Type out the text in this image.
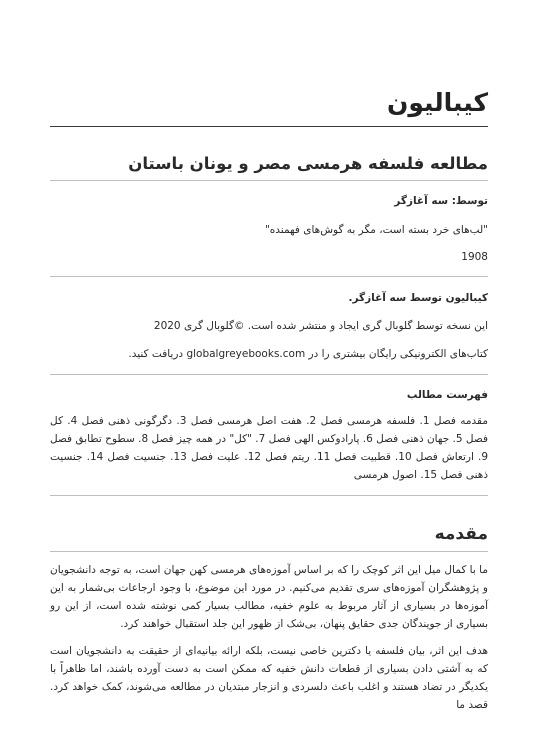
کیبالیون
مطالعه فلسفه هرمسی مصر و یونان باستان
توسط: سه آغازگر
"لب‌های خرد بسته است، مگر به گوش‌های فهمنده"
1908
کیبالیون توسط سه آغازگر.
این نسخه توسط گلوبال گری ایجاد و منتشر شده است. ©گلوبال گری 2020
کتاب‌های الکترونیکی رایگان بیشتری را در globalgreyebooks.com دریافت کنید.
فهرست مطالب
مقدمه فصل 1. فلسفه هرمسی فصل 2. هفت اصل هرمسی فصل 3. دگرگونی ذهنی فصل 4. کل فصل 5. جهان ذهنی فصل 6. پارادوکس الهی فصل 7. "کل" در همه چیز فصل 8. سطوح تطابق فصل 9. ارتعاش فصل 10. قطبیت فصل 11. ریتم فصل 12. علیت فصل 13. جنسیت فصل 14. جنسیت ذهنی فصل 15. اصول هرمسی
مقدمه
ما با کمال میل این اثر کوچک را که بر اساس آموزه‌های هرمسی کهن جهان است، به توجه دانشجویان و پژوهشگران آموزه‌های سری تقدیم می‌کنیم. در مورد این موضوع، با وجود ارجاعات بی‌شمار به این آموزه‌ها در بسیاری از آثار مربوط به علوم خفیه، مطالب بسیار کمی نوشته شده است، از این رو بسیاری از جویندگان جدی حقایق پنهان، بی‌شک از ظهور این جلد استقبال خواهند کرد.
هدف این اثر، بیان فلسفه یا دکترین خاصی نیست، بلکه ارائه بیانیه‌ای از حقیقت به دانشجویان است که به آشتی دادن بسیاری از قطعات دانش خفیه که ممکن است به دست آورده باشند، اما ظاهراً با یکدیگر در تضاد هستند و اغلب باعث دلسردی و انزجار مبتدیان در مطالعه می‌شوند، کمک خواهد کرد. قصد ما
